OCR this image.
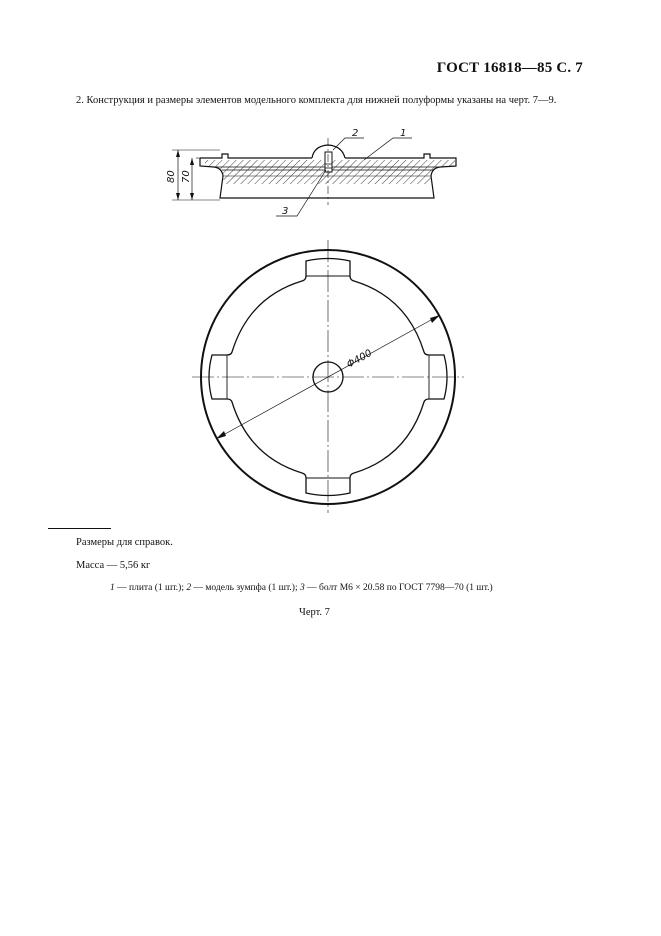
ГОСТ 16818—85 С. 7
2. Конструкция и размеры элементов модельного комплекта для нижней полуформы указаны на черт. 7—9.
80 70
1
2
3
Φ400
Размеры для справок.
Масса — 5,56 кг
1 — плита (1 шт.); 2 — модель зумпфа (1 шт.); 3 — болт М6 × 20.58 по ГОСТ 7798—70 (1 шт.)
Черт. 7
